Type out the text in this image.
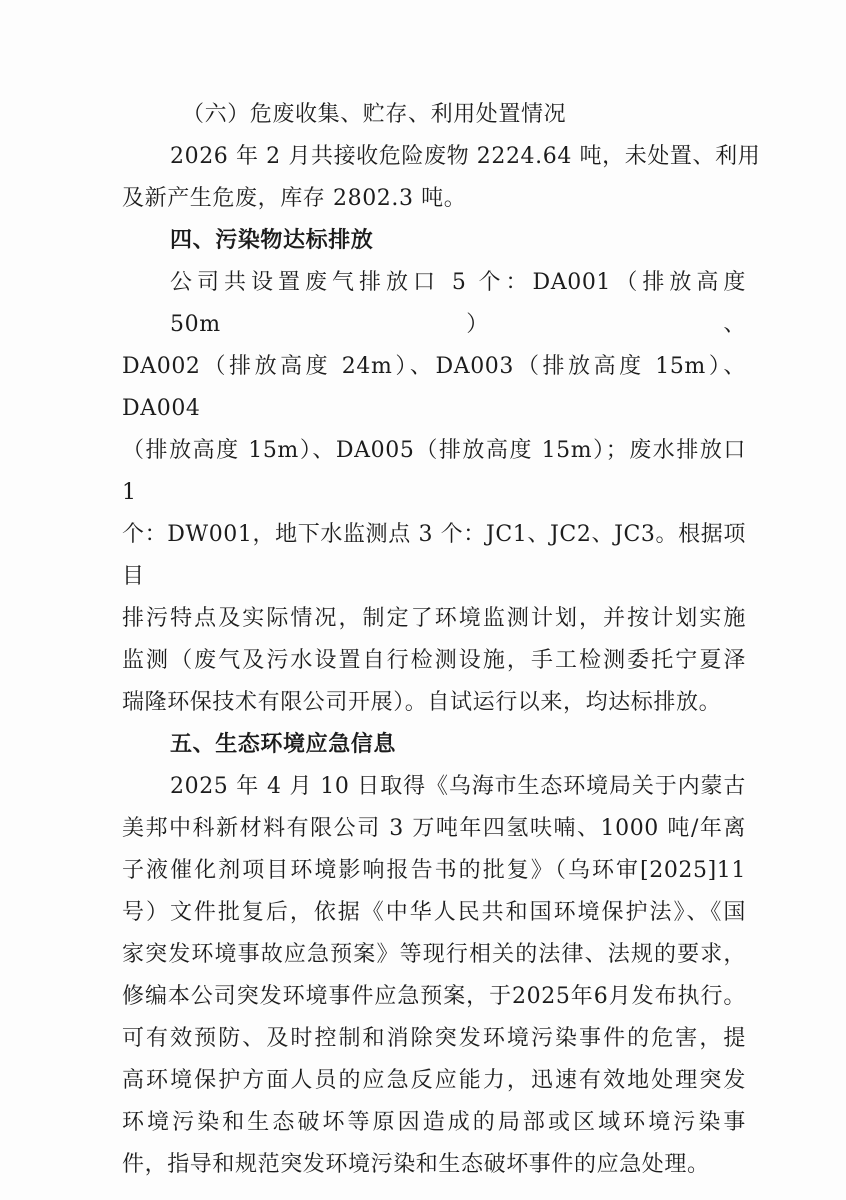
（六）危废收集、贮存、利用处置情况

2026 年 2 月共接收危险废物 2224.64 吨，未处置、利用

及新产生危废，库存 2802.3 吨。

四、污染物达标排放

公司共设置废气排放口 5 个：DA001（排放高度 50m）、

DA002（排放高度 24m）、DA003（排放高度 15m）、DA004

（排放高度 15m）、DA005（排放高度 15m）；废水排放口 1

个：DW001，地下水监测点 3 个：JC1、JC2、JC3。根据项目

排污特点及实际情况，制定了环境监测计划，并按计划实施

监测（废气及污水设置自行检测设施，手工检测委托宁夏泽

瑞隆环保技术有限公司开展）。自试运行以来，均达标排放。

五、生态环境应急信息

2025 年 4 月 10 日取得《乌海市生态环境局关于内蒙古

美邦中科新材料有限公司 3 万吨年四氢呋喃、1000 吨/年离

子液催化剂项目环境影响报告书的批复》（乌环审[2025]11

号）文件批复后，依据《中华人民共和国环境保护法》、《国

家突发环境事故应急预案》等现行相关的法律、法规的要求，

修编本公司突发环境事件应急预案，于2025年6月发布执行。

可有效预防、及时控制和消除突发环境污染事件的危害，提

高环境保护方面人员的应急反应能力，迅速有效地处理突发

环境污染和生态破坏等原因造成的局部或区域环境污染事

件，指导和规范突发环境污染和生态破坏事件的应急处理。
